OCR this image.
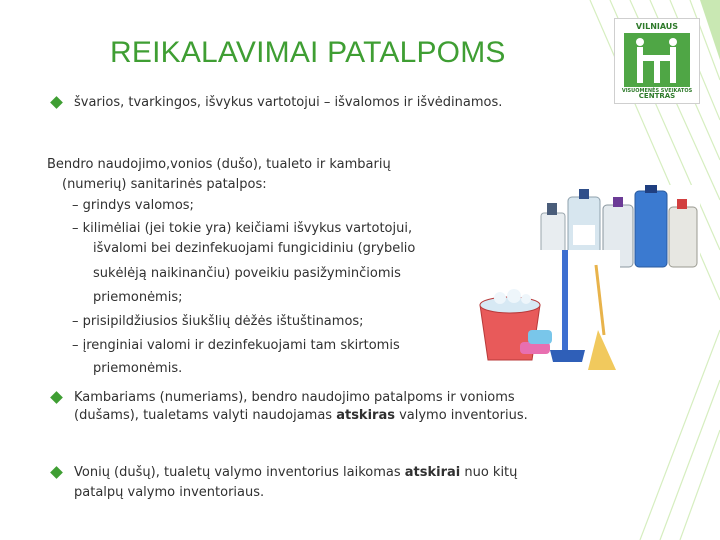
REIKALAVIMAI PATALPOMS
VILNIAUS
VISUOMENĖS SVEIKATOS
CENTRAS
švarios, tvarkingos, išvykus vartotojui – išvalomos ir išvėdinamos.
Bendro naudojimo,vonios (dušo), tualeto ir kambarių
(numerių) sanitarinės patalpos:
– grindys valomos;
– kilimėliai (jei tokie yra) keičiami išvykus vartotojui,
išvalomi bei dezinfekuojami fungicidiniu (grybelio
sukėlėją naikinančiu) poveikiu pasižyminčiomis
priemonėmis;
– prisipildžiusios šiukšlių dėžės ištuštinamos;
– įrenginiai valomi ir dezinfekuojami tam skirtomis
priemonėmis.
Kambariams (numeriams), bendro naudojimo patalpoms ir vonioms
(dušams), tualetams valyti naudojamas atskiras valymo inventorius.
Vonių (dušų), tualetų valymo inventorius laikomas atskirai nuo kitų
patalpų valymo inventoriaus.
